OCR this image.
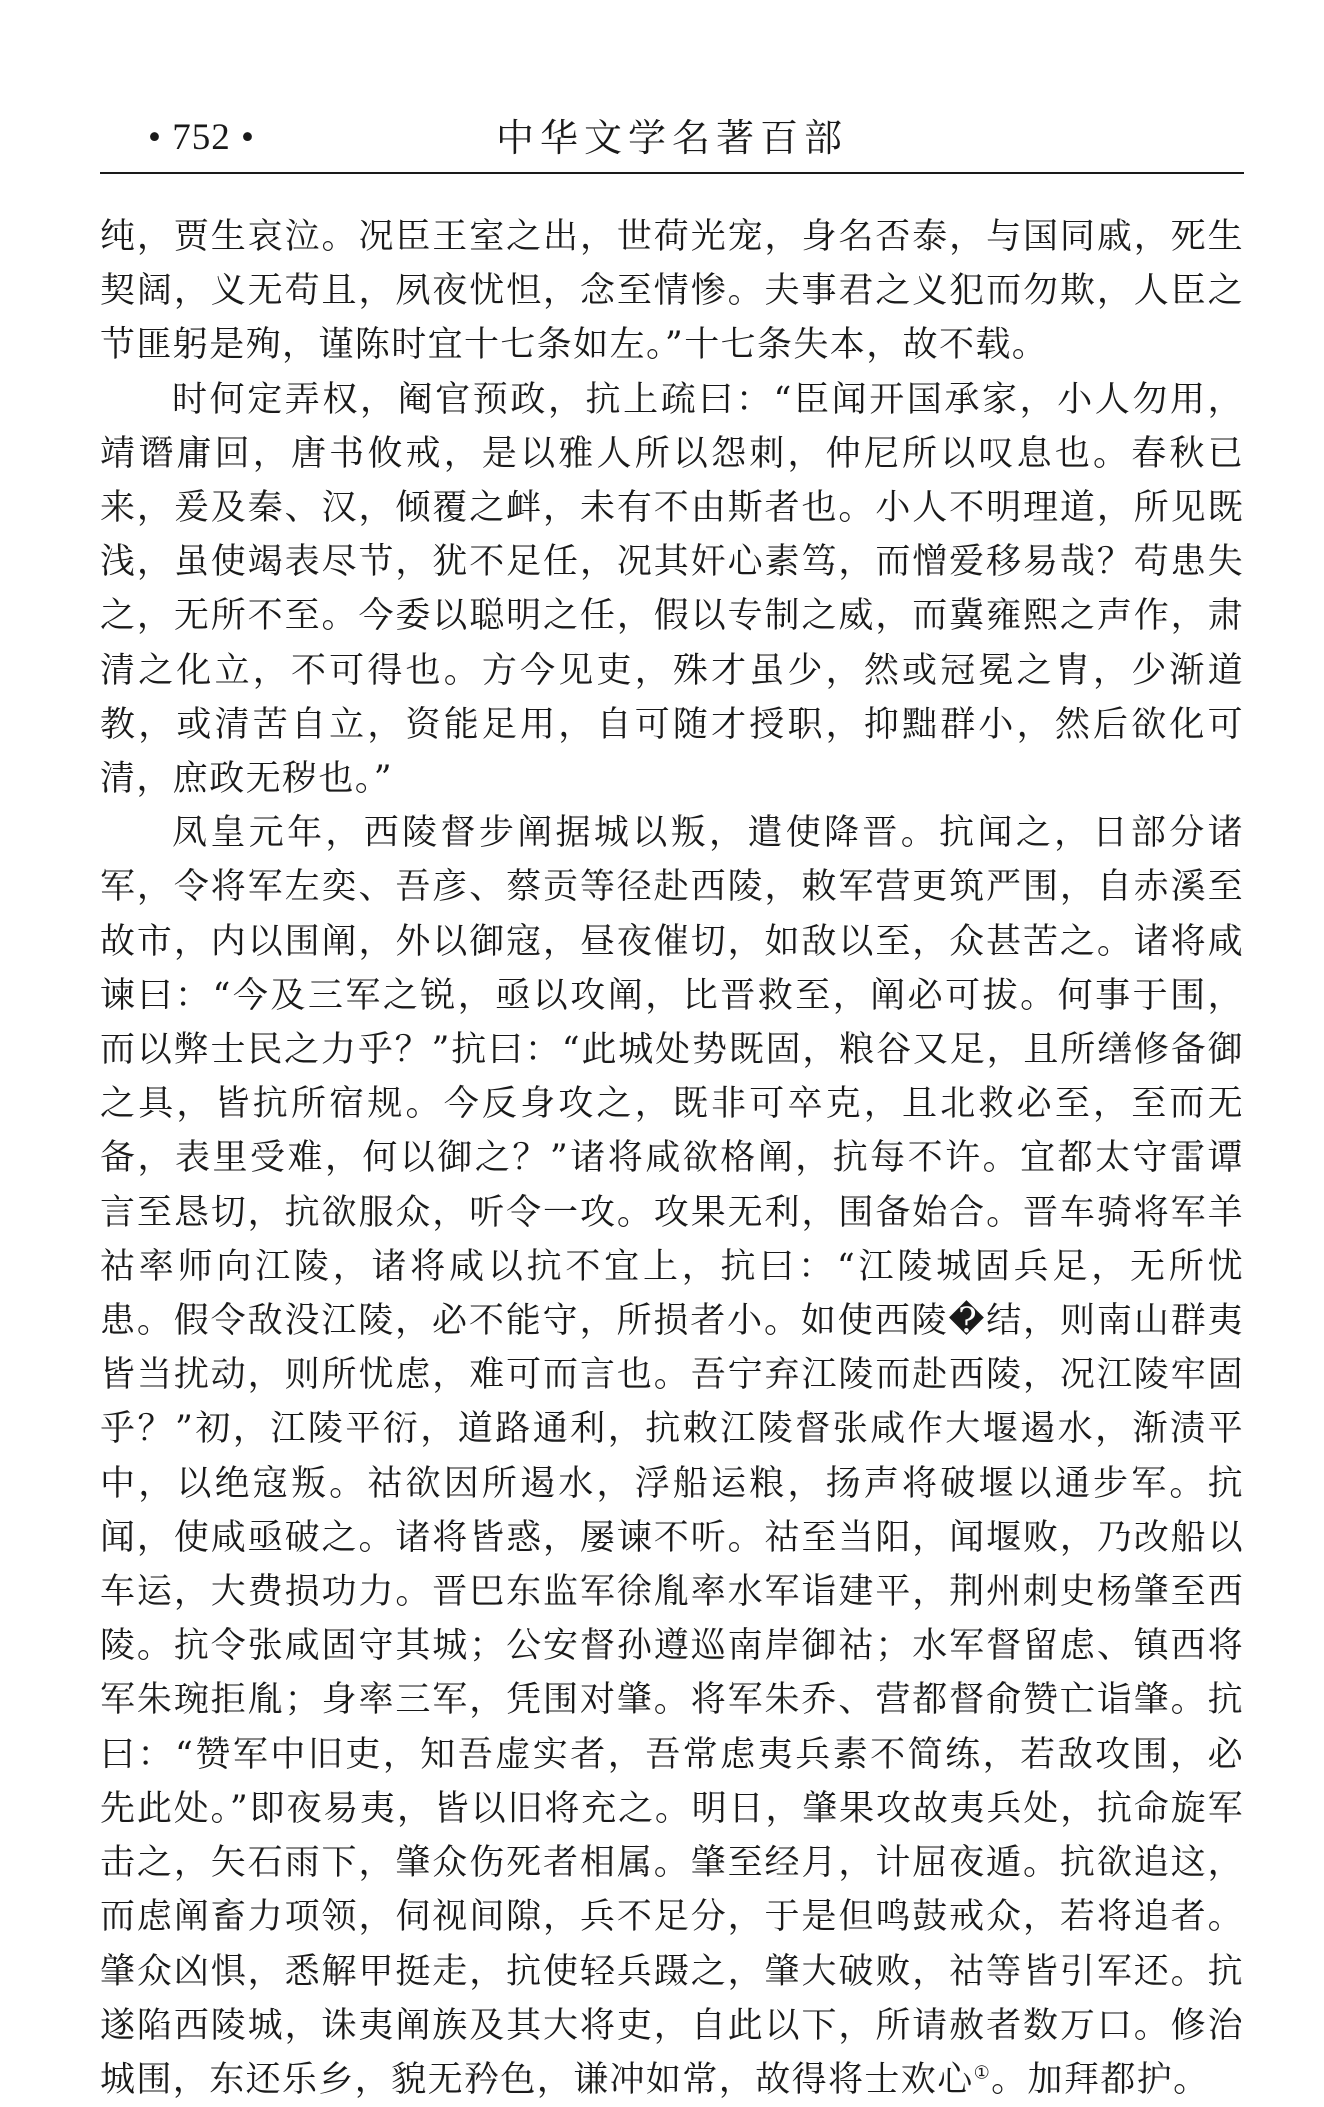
• 752 •	中华文学名著百部

纯，贾生哀泣。况臣王室之出，世荷光宠，身名否泰，与国同戚，死生契阔，义无苟且，夙夜忧怛，念至情惨。夫事君之义犯而勿欺，人臣之节匪躬是殉，谨陈时宜十七条如左。”十七条失本，故不载。

时何定弄权，阉官预政，抗上疏曰：“臣闻开国承家，小人勿用，靖谮庸回，唐书攸戒，是以雅人所以怨刺，仲尼所以叹息也。春秋已来，爰及秦、汉，倾覆之衅，未有不由斯者也。小人不明理道，所见既浅，虽使竭表尽节，犹不足任，况其奸心素笃，而憎爱移易哉？苟患失之，无所不至。今委以聪明之任，假以专制之威，而冀雍熙之声作，肃清之化立，不可得也。方今见吏，殊才虽少，然或冠冕之胄，少渐道教，或清苦自立，资能足用，自可随才授职，抑黜群小，然后欲化可清，庶政无秽也。”

凤皇元年，西陵督步阐据城以叛，遣使降晋。抗闻之，日部分诸军，令将军左奕、吾彦、蔡贡等径赴西陵，敕军营更筑严围，自赤溪至故市，内以围阐，外以御寇，昼夜催切，如敌以至，众甚苦之。诸将咸谏曰：“今及三军之锐，亟以攻阐，比晋救至，阐必可拔。何事于围，而以弊士民之力乎？”抗曰：“此城处势既固，粮谷又足，且所缮修备御之具，皆抗所宿规。今反身攻之，既非可卒克，且北救必至，至而无备，表里受难，何以御之？”诸将咸欲格阐，抗每不许。宜都太守雷谭言至恳切，抗欲服众，听令一攻。攻果无利，围备始合。晋车骑将军羊祜率师向江陵，诸将咸以抗不宜上，抗曰：“江陵城固兵足，无所忧患。假令敌没江陵，必不能守，所损者小。如使西陵�结，则南山群夷皆当扰动，则所忧虑，难可而言也。吾宁弃江陵而赴西陵，况江陵牢固乎？”初，江陵平衍，道路通利，抗敕江陵督张咸作大堰遏水，渐渍平中，以绝寇叛。祜欲因所遏水，浮船运粮，扬声将破堰以通步军。抗闻，使咸亟破之。诸将皆惑，屡谏不听。祜至当阳，闻堰败，乃改船以车运，大费损功力。晋巴东监军徐胤率水军诣建平，荆州刺史杨肇至西陵。抗令张咸固守其城；公安督孙遵巡南岸御祜；水军督留虑、镇西将军朱琬拒胤；身率三军，凭围对肇。将军朱乔、营都督俞赞亡诣肇。抗曰：“赞军中旧吏，知吾虚实者，吾常虑夷兵素不简练，若敌攻围，必先此处。”即夜易夷，皆以旧将充之。明日，肇果攻故夷兵处，抗命旋军击之，矢石雨下，肇众伤死者相属。肇至经月，计屈夜遁。抗欲追这，而虑阐畜力项领，伺视间隙，兵不足分，于是但鸣鼓戒众，若将追者。肇众凶惧，悉解甲挺走，抗使轻兵蹑之，肇大破败，祜等皆引军还。抗遂陷西陵城，诛夷阐族及其大将吏，自此以下，所请赦者数万口。修治城围，东还乐乡，貌无矜色，谦冲如常，故得将士欢心①。加拜都护。
